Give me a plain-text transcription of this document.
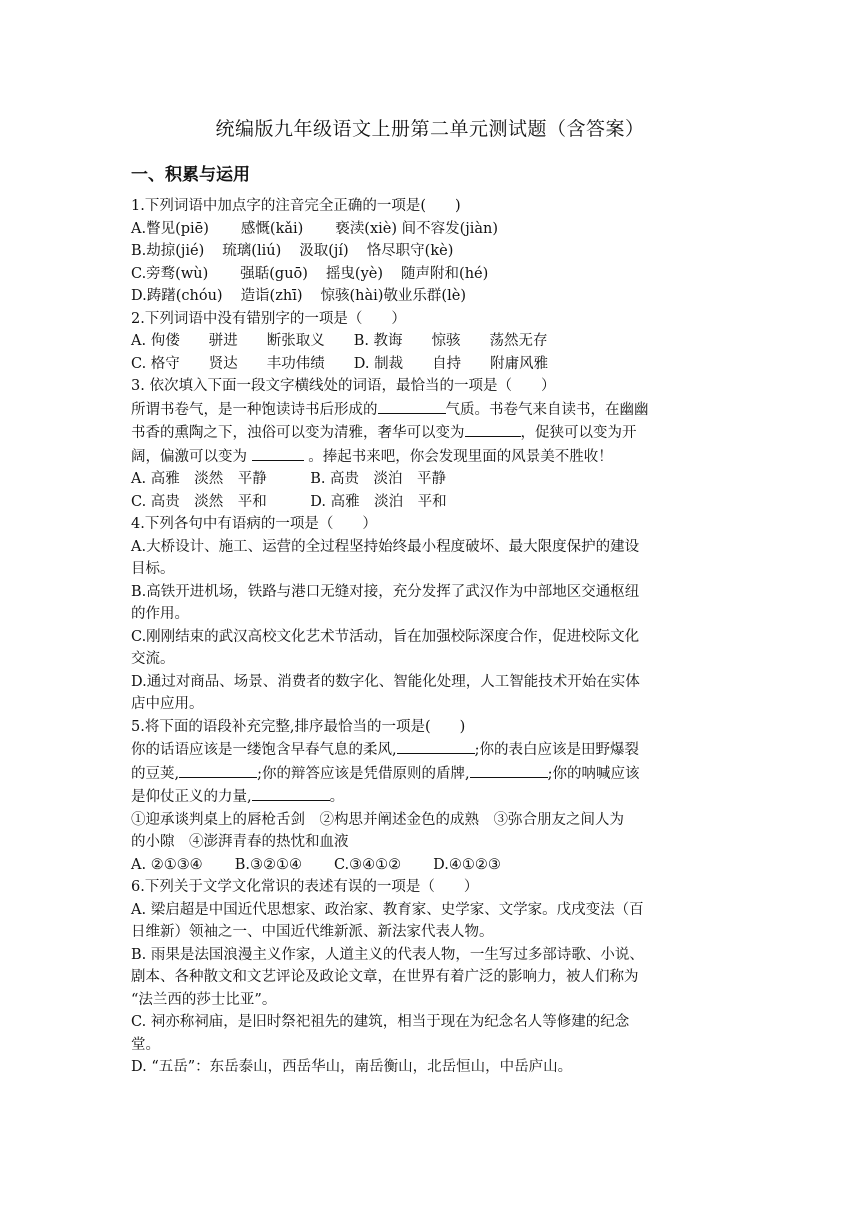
统编版九年级语文上册第二单元测试题（含答案）
一、积累与运用
1.下列词语中加点字的注音完全正确的一项是(　　)
A.瞥见(piē) 感慨(kǎi) 亵渎(xiè) 间不容发(jiàn)
B.劫掠(jié) 琉璃(liú) 汲取(jí) 恪尽职守(kè)
C.旁骛(wù) 强聒(guō) 摇曳(yè) 随声附和(hé)
D.踌躇(chóu) 造诣(zhī) 惊骇(hài)敬业乐群(lè)
2.下列词语中没有错别字的一项是（　　）
A. 佝偻　　骈进　　断张取义　　B. 教诲　　惊骇　　荡然无存
C. 格守　　贤达　　丰功伟绩　　D. 制裁　　自持　　附庸风雅
3. 依次填入下面一段文字横线处的词语，最恰当的一项是（　　）
所谓书卷气，是一种饱读诗书后形成的	气质。书卷气来自读书，在幽幽
书香的熏陶之下，浊俗可以变为清雅，奢华可以变为	，促狭可以变为开
阔，偏激可以变为	。捧起书来吧，你会发现里面的风景美不胜收！
A. 高雅　淡然　平静　　　B. 高贵　淡泊　平静
C. 高贵　淡然　平和　　　D. 高雅　淡泊　平和
4.下列各句中有语病的一项是（　　）
A.大桥设计、施工、运营的全过程坚持始终最小程度破坏、最大限度保护的建设
目标。
B.高铁开进机场，铁路与港口无缝对接，充分发挥了武汉作为中部地区交通枢纽
的作用。
C.刚刚结束的武汉高校文化艺术节活动，旨在加强校际深度合作，促进校际文化
交流。
D.通过对商品、场景、消费者的数字化、智能化处理，人工智能技术开始在实体
店中应用。
5.将下面的语段补充完整,排序最恰当的一项是(　　)
你的话语应该是一缕饱含早春气息的柔风,	;你的表白应该是田野爆裂
的豆荚,	;你的辩答应该是凭借原则的盾牌,	;你的呐喊应该
是仰仗正义的力量,	。
①迎承谈判桌上的唇枪舌剑　②构思并阐述金色的成熟　③弥合朋友之间人为
的小隙　④澎湃青春的热忱和血液
A. ②①③④ B.③②①④ C.③④①② D.④①②③
6.下列关于文学文化常识的表述有误的一项是（　　）
A. 梁启超是中国近代思想家、政治家、教育家、史学家、文学家。戊戌变法（百
日维新）领袖之一、中国近代维新派、新法家代表人物。
B. 雨果是法国浪漫主义作家，人道主义的代表人物，一生写过多部诗歌、小说、
剧本、各种散文和文艺评论及政论文章，在世界有着广泛的影响力，被人们称为
“法兰西的莎士比亚”。
C. 祠亦称祠庙，是旧时祭祀祖先的建筑，相当于现在为纪念名人等修建的纪念
堂。
D. “五岳”：东岳泰山，西岳华山，南岳衡山，北岳恒山，中岳庐山。
